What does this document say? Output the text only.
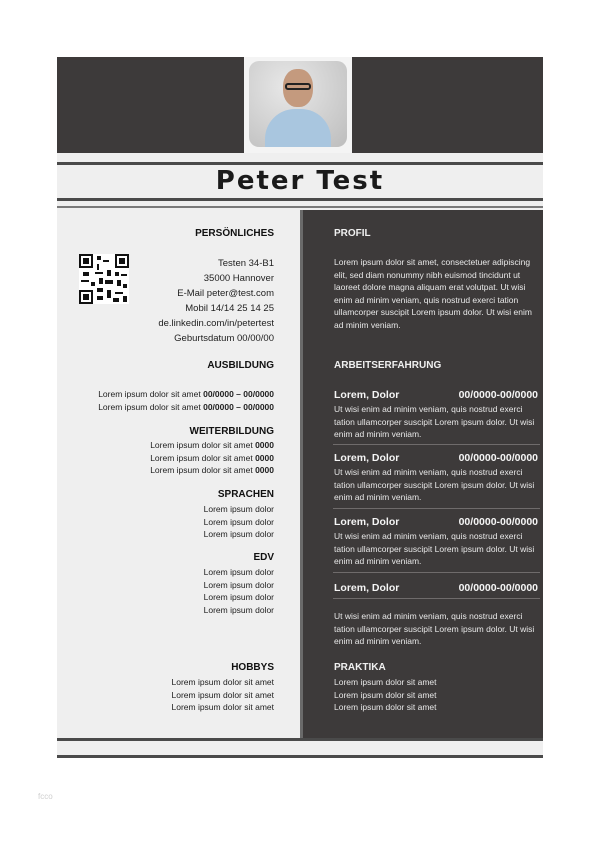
Peter Test
PERSÖNLICHES
Testen 34-B1
35000 Hannover
E-Mail peter@test.com
Mobil 14/14 25 14 25
de.linkedin.com/in/petertest
Geburtsdatum 00/00/00
AUSBILDUNG
Lorem ipsum dolor sit amet 00/0000 – 00/0000
Lorem ipsum dolor sit amet 00/0000 – 00/0000
WEITERBILDUNG
Lorem ipsum dolor sit amet 0000
Lorem ipsum dolor sit amet 0000
Lorem ipsum dolor sit amet 0000
SPRACHEN
Lorem ipsum dolor
Lorem ipsum dolor
Lorem ipsum dolor
EDV
Lorem ipsum dolor
Lorem ipsum dolor
Lorem ipsum dolor
Lorem ipsum dolor
HOBBYS
Lorem ipsum dolor sit amet
Lorem ipsum dolor sit amet
Lorem ipsum dolor sit amet
PROFIL
Lorem ipsum dolor sit amet, consectetuer adipiscing elit, sed diam nonummy nibh euismod tincidunt ut laoreet dolore magna aliquam erat volutpat. Ut wisi enim ad minim veniam, quis nostrud exerci tation ullamcorper suscipit Lorem ipsum dolor. Ut wisi enim ad minim veniam.
ARBEITSERFAHRUNG
Lorem, Dolor	00/0000-00/0000
Ut wisi enim ad minim veniam, quis nostrud exerci tation ullamcorper suscipit Lorem ipsum dolor. Ut wisi enim ad minim veniam.
Lorem, Dolor	00/0000-00/0000
Ut wisi enim ad minim veniam, quis nostrud exerci tation ullamcorper suscipit Lorem ipsum dolor. Ut wisi enim ad minim veniam.
Lorem, Dolor	00/0000-00/0000
Ut wisi enim ad minim veniam, quis nostrud exerci tation ullamcorper suscipit Lorem ipsum dolor. Ut wisi enim ad minim veniam.
Lorem, Dolor	00/0000-00/0000
Ut wisi enim ad minim veniam, quis nostrud exerci tation ullamcorper suscipit Lorem ipsum dolor. Ut wisi enim ad minim veniam.
PRAKTIKA
Lorem ipsum dolor sit amet
Lorem ipsum dolor sit amet
Lorem ipsum dolor sit amet
fcco
